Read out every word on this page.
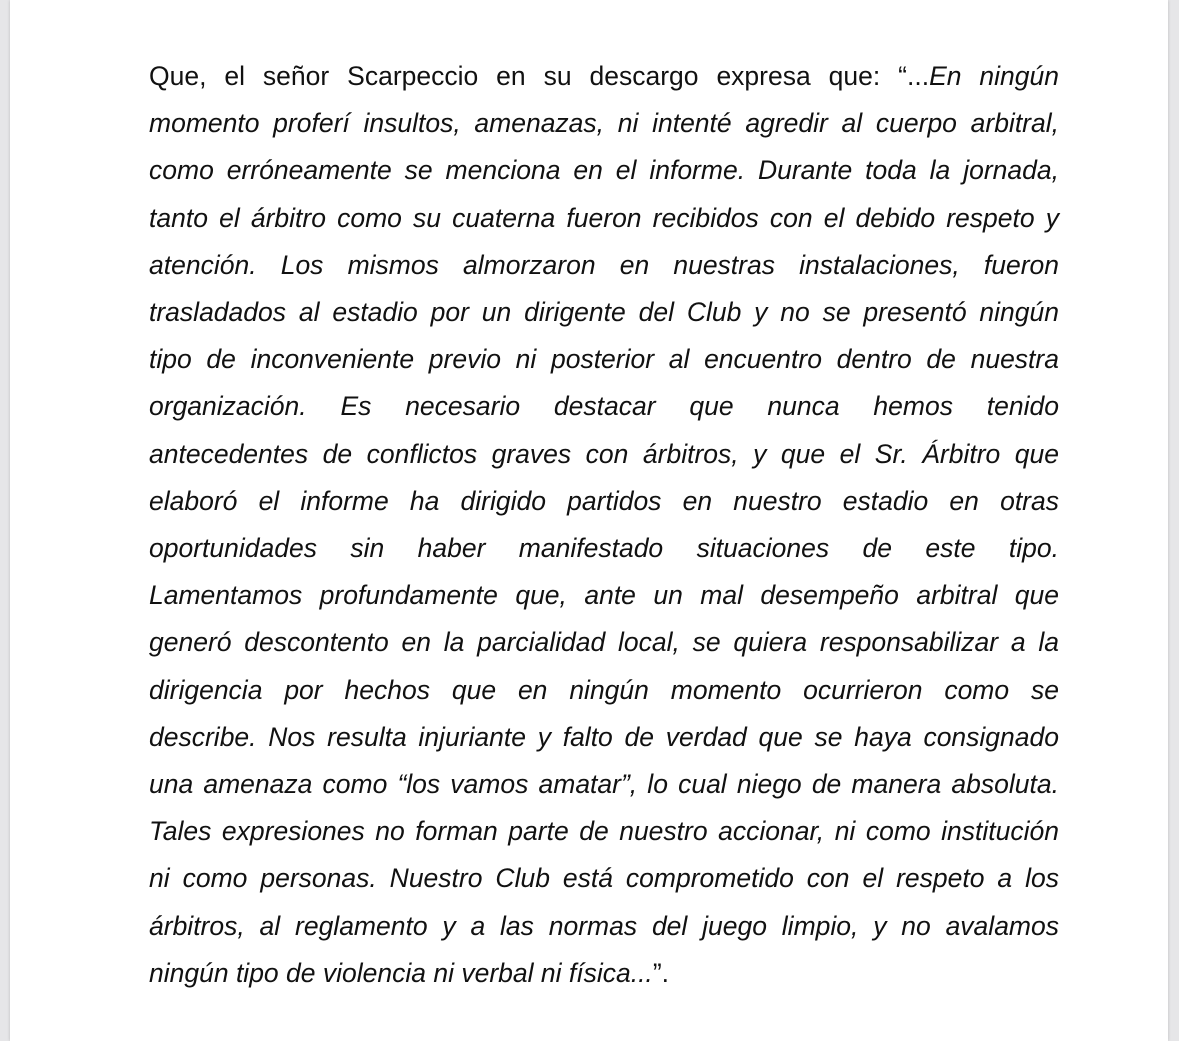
Que, el señor Scarpeccio en su descargo expresa que: “...En ningún
momento proferí insultos, amenazas, ni intenté agredir al cuerpo arbitral,
como erróneamente se menciona en el informe. Durante toda la jornada,
tanto el árbitro como su cuaterna fueron recibidos con el debido respeto y
atención. Los mismos almorzaron en nuestras instalaciones, fueron
trasladados al estadio por un dirigente del Club y no se presentó ningún
tipo de inconveniente previo ni posterior al encuentro dentro de nuestra
organización. Es necesario destacar que nunca hemos tenido
antecedentes de conflictos graves con árbitros, y que el Sr. Árbitro que
elaboró el informe ha dirigido partidos en nuestro estadio en otras
oportunidades sin haber manifestado situaciones de este tipo.
Lamentamos profundamente que, ante un mal desempeño arbitral que
generó descontento en la parcialidad local, se quiera responsabilizar a la
dirigencia por hechos que en ningún momento ocurrieron como se
describe. Nos resulta injuriante y falto de verdad que se haya consignado
una amenaza como “los vamos amatar”, lo cual niego de manera absoluta.
Tales expresiones no forman parte de nuestro accionar, ni como institución
ni como personas. Nuestro Club está comprometido con el respeto a los
árbitros, al reglamento y a las normas del juego limpio, y no avalamos
ningún tipo de violencia ni verbal ni física...”.
